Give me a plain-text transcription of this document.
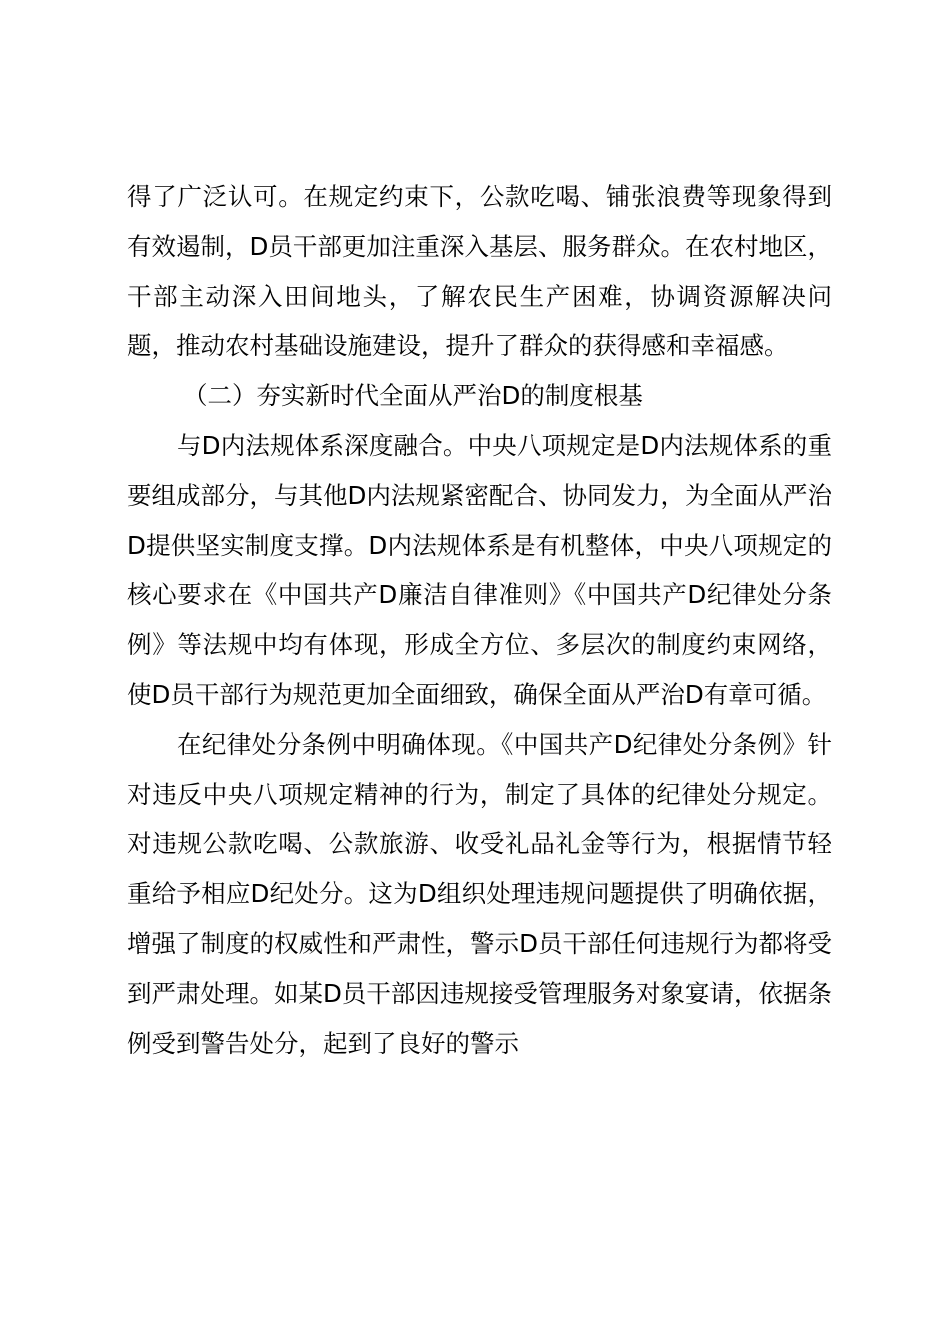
得了广泛认可。在规定约束下，公款吃喝、铺张浪费等现象得到有效遏制，D员干部更加注重深入基层、服务群众。在农村地区，干部主动深入田间地头，了解农民生产困难，协调资源解决问题，推动农村基础设施建设，提升了群众的获得感和幸福感。

（二）夯实新时代全面从严治D的制度根基

与D内法规体系深度融合。中央八项规定是D内法规体系的重要组成部分，与其他D内法规紧密配合、协同发力，为全面从严治D提供坚实制度支撑。D内法规体系是有机整体，中央八项规定的核心要求在《中国共产D廉洁自律准则》《中国共产D纪律处分条例》等法规中均有体现，形成全方位、多层次的制度约束网络，使D员干部行为规范更加全面细致，确保全面从严治D有章可循。

在纪律处分条例中明确体现。《中国共产D纪律处分条例》针对违反中央八项规定精神的行为，制定了具体的纪律处分规定。对违规公款吃喝、公款旅游、收受礼品礼金等行为，根据情节轻重给予相应D纪处分。这为D组织处理违规问题提供了明确依据，增强了制度的权威性和严肃性，警示D员干部任何违规行为都将受到严肃处理。如某D员干部因违规接受管理服务对象宴请，依据条例受到警告处分，起到了良好的警示
